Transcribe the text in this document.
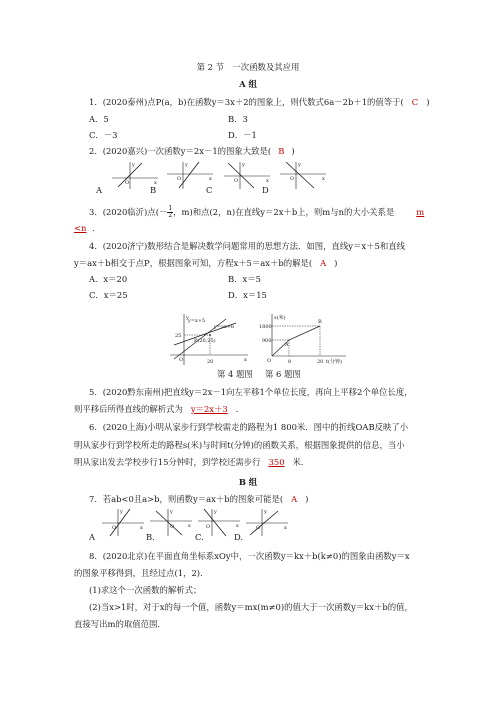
第 2 节　一次函数及其应用
A 组
1．(2020泰州)点P(a，b)在函数y＝3x＋2的图象上，则代数式6a－2b＋1的值等于( C )
A．5	B．3
C．－3	D．－1
2．(2020嘉兴)一次函数y＝2x－1的图象大致是( B )
y
x
O
A
y
x
O
B
y
x
O
C
y
x
O
D
3．(2020临沂)点(－ $\frac{1}{2}$ ，m)和点(2，n)在直线y＝2x＋b上，则m与n的大小关系是	m
<n ．
4．(2020济宁)数形结合是解决数学问题常用的思想方法．如图，直线y＝x＋5和直线
y＝ax＋b相交于点P，根据图象可知，方程x＋5＝ax＋b的解是( A )
A．x＝20	B．x＝5
C．x＝25	D．x＝15
y
x
O	20
25
y=x+5
y=ax+b
P(20,25)
s(米)
1800
900
O
A
B
8	20 t(分钟)
第 4 题图 第 6 题图
5．(2020黔东南州)把直线y＝2x－1向左平移1个单位长度，再向上平移2个单位长度，
则平移后所得直线的解析式为 y＝2x＋3 ．
6．(2020上海)小明从家步行到学校需走的路程为1 800米．图中的折线OAB反映了小
明从家步行到学校所走的路程s(米)与时间t(分钟)的函数关系，根据图象提供的信息，当小
明从家出发去学校步行15分钟时，到学校还需步行 350 米．
B 组
7．若ab<0且a>b，则函数y＝ax＋b的图象可能是( A )
y
x
O
A
y
x
O
B.
y
x
O
C.
y
x
O
D.
8．(2020北京)在平面直角坐标系xOy中，一次函数y＝kx＋b(k≠0)的图象由函数y＝x
的图象平移得到，且经过点(1，2)．
(1)求这个一次函数的解析式；
(2)当x>1时，对于x的每一个值，函数y＝mx(m≠0)的值大于一次函数y＝kx＋b的值，
直接写出m的取值范围．
